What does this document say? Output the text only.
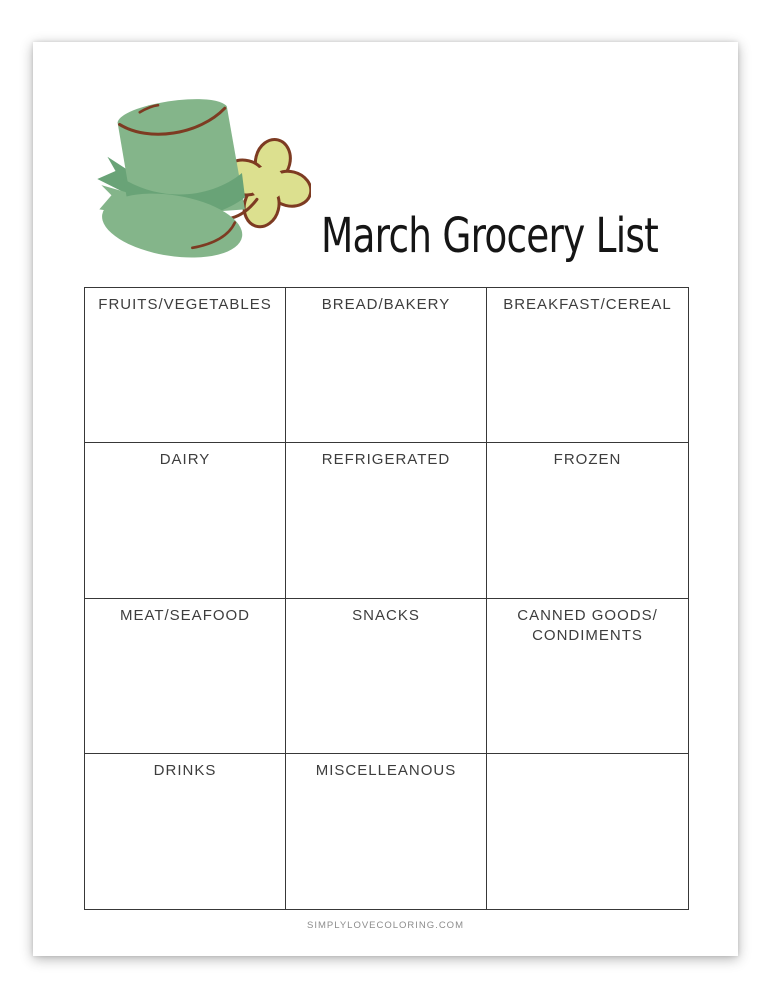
March Grocery List
FRUITS/VEGETABLES	BREAD/BAKERY	BREAKFAST/CEREAL
DAIRY	REFRIGERATED	FROZEN
MEAT/SEAFOOD	SNACKS	CANNED GOODS/ CONDIMENTS
DRINKS	MISCELLEANOUS
SIMPLYLOVECOLORING.COM
